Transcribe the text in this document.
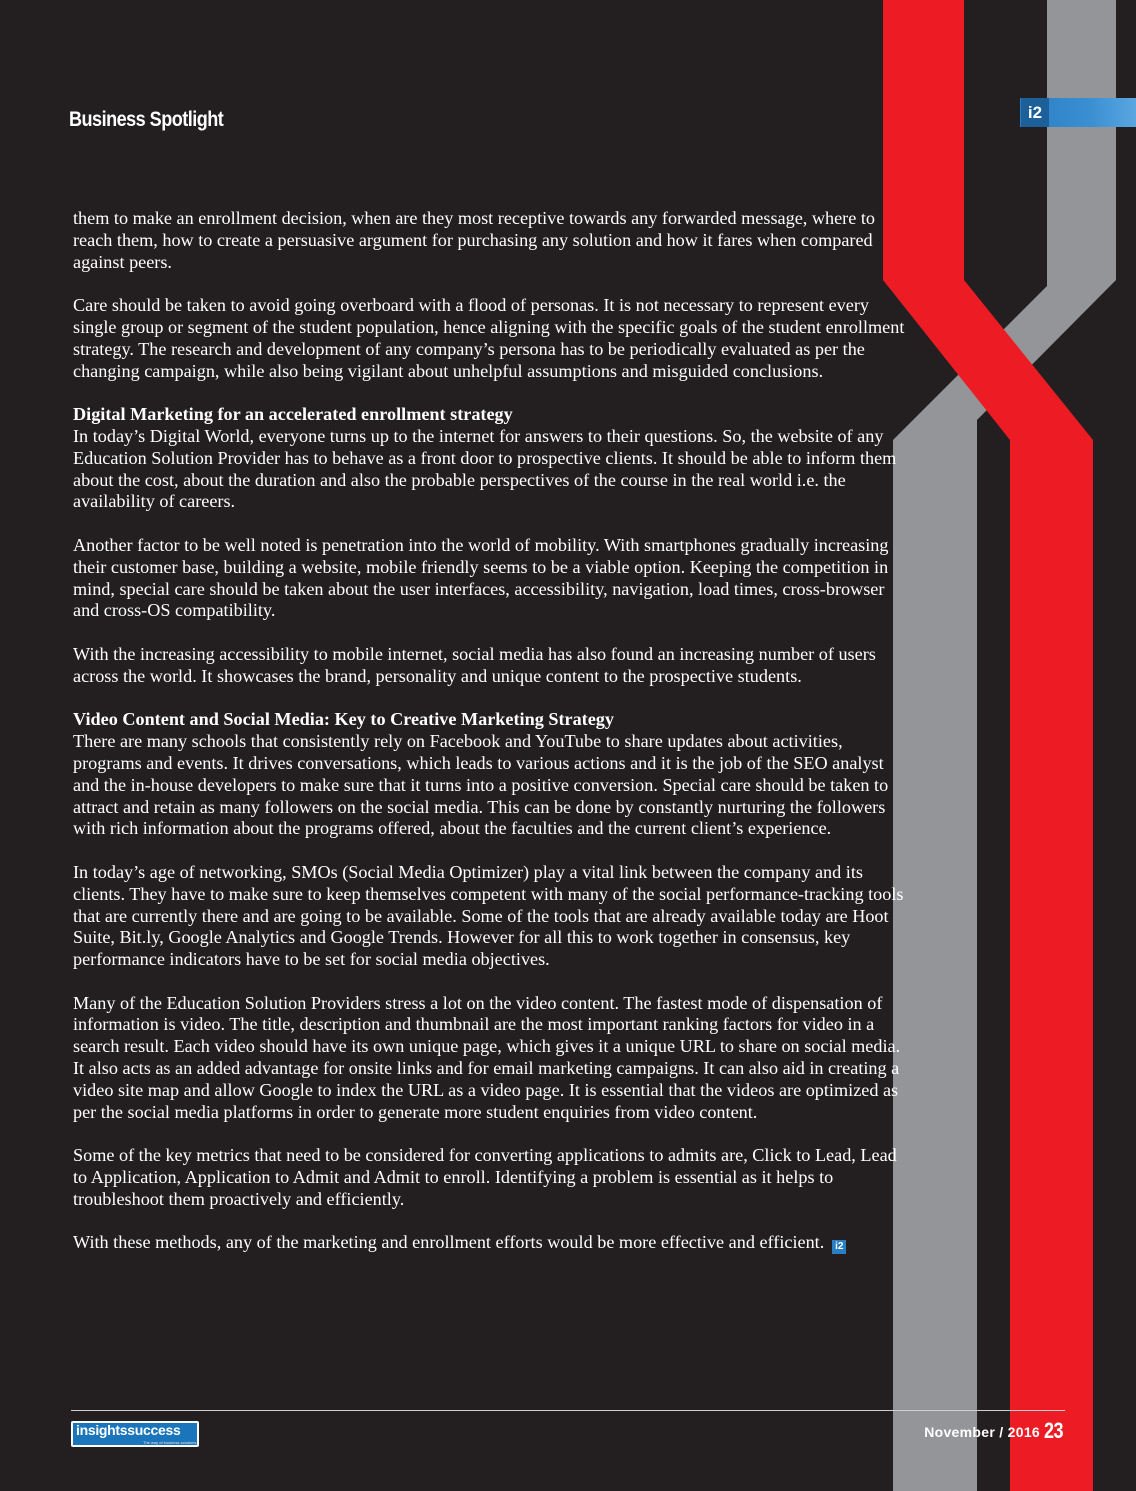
i2
Business Spotlight

them to make an enrollment decision, when are they most receptive towards any forwarded message, where to reach them, how to create a persuasive argument for purchasing any solution and how it fares when compared against peers.

Care should be taken to avoid going overboard with a flood of personas. It is not necessary to represent every single group or segment of the student population, hence aligning with the specific goals of the student enrollment strategy. The research and development of any company’s persona has to be periodically evaluated as per the changing campaign, while also being vigilant about unhelpful assumptions and misguided conclusions.

Digital Marketing for an accelerated enrollment strategy

In today’s Digital World, everyone turns up to the internet for answers to their questions. So, the website of any Education Solution Provider has to behave as a front door to prospective clients. It should be able to inform them about the cost, about the duration and also the probable perspectives of the course in the real world i.e. the availability of careers.

Another factor to be well noted is penetration into the world of mobility. With smartphones gradually increasing their customer base, building a website, mobile friendly seems to be a viable option. Keeping the competition in mind, special care should be taken about the user interfaces, accessibility, navigation, load times, cross-browser and cross-OS compatibility.

With the increasing accessibility to mobile internet, social media has also found an increasing number of users across the world. It showcases the brand, personality and unique content to the prospective students.

Video Content and Social Media: Key to Creative Marketing Strategy

There are many schools that consistently rely on Facebook and YouTube to share updates about activities, programs and events. It drives conversations, which leads to various actions and it is the job of the SEO analyst and the in-house developers to make sure that it turns into a positive conversion. Special care should be taken to attract and retain as many followers on the social media. This can be done by constantly nurturing the followers with rich information about the programs offered, about the faculties and the current client’s experience.

In today’s age of networking, SMOs (Social Media Optimizer) play a vital link between the company and its clients. They have to make sure to keep themselves competent with many of the social performance-tracking tools that are currently there and are going to be available. Some of the tools that are already available today are Hoot Suite, Bit.ly, Google Analytics and Google Trends. However for all this to work together in consensus, key performance indicators have to be set for social media objectives.

Many of the Education Solution Providers stress a lot on the video content. The fastest mode of dispensation of information is video. The title, description and thumbnail are the most important ranking factors for video in a search result. Each video should have its own unique page, which gives it a unique URL to share on social media. It also acts as an added advantage for onsite links and for email marketing campaigns. It can also aid in creating a video site map and allow Google to index the URL as a video page. It is essential that the videos are optimized as per the social media platforms in order to generate more student enquiries from video content.

Some of the key metrics that need to be considered for converting applications to admits are, Click to Lead, Lead to Application, Application to Admit and Admit to enroll. Identifying a problem is essential as it helps to troubleshoot them proactively and efficiently.

With these methods, any of the marketing and enrollment efforts would be more effective and efficient. i2

insightssuccess
The way of business solutions
November / 2016 23
